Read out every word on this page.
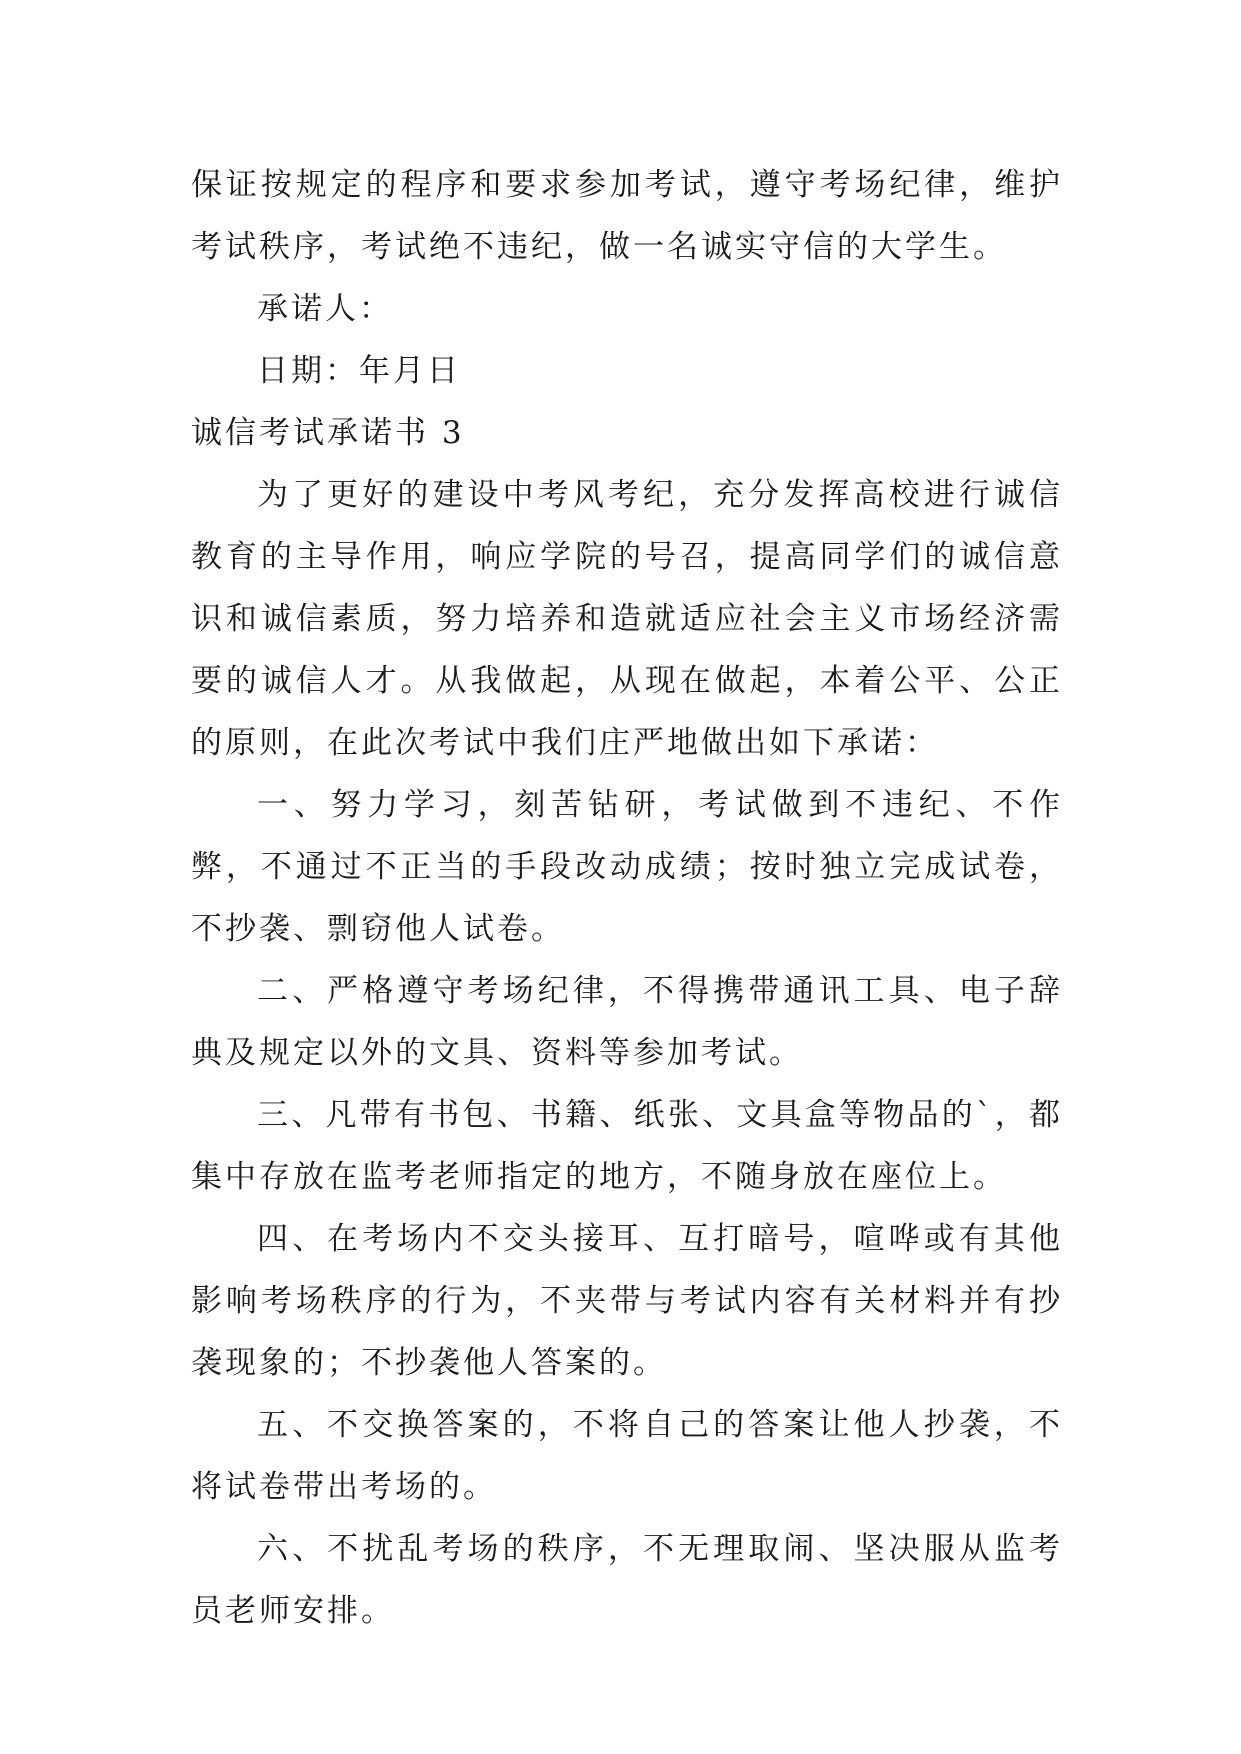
保证按规定的程序和要求参加考试，遵守考场纪律，维护考试秩序，考试绝不违纪，做一名诚实守信的大学生。

承诺人：

日期：年月日

诚信考试承诺书 3

为了更好的建设中考风考纪，充分发挥高校进行诚信教育的主导作用，响应学院的号召，提高同学们的诚信意识和诚信素质，努力培养和造就适应社会主义市场经济需要的诚信人才。从我做起，从现在做起，本着公平、公正的原则，在此次考试中我们庄严地做出如下承诺：

一、努力学习，刻苦钻研，考试做到不违纪、不作弊，不通过不正当的手段改动成绩；按时独立完成试卷，不抄袭、剽窃他人试卷。

二、严格遵守考场纪律，不得携带通讯工具、电子辞典及规定以外的文具、资料等参加考试。

三、凡带有书包、书籍、纸张、文具盒等物品的`，都集中存放在监考老师指定的地方，不随身放在座位上。

四、在考场内不交头接耳、互打暗号，喧哗或有其他影响考场秩序的行为，不夹带与考试内容有关材料并有抄袭现象的；不抄袭他人答案的。

五、不交换答案的，不将自己的答案让他人抄袭，不将试卷带出考场的。

六、不扰乱考场的秩序，不无理取闹、坚决服从监考员老师安排。
